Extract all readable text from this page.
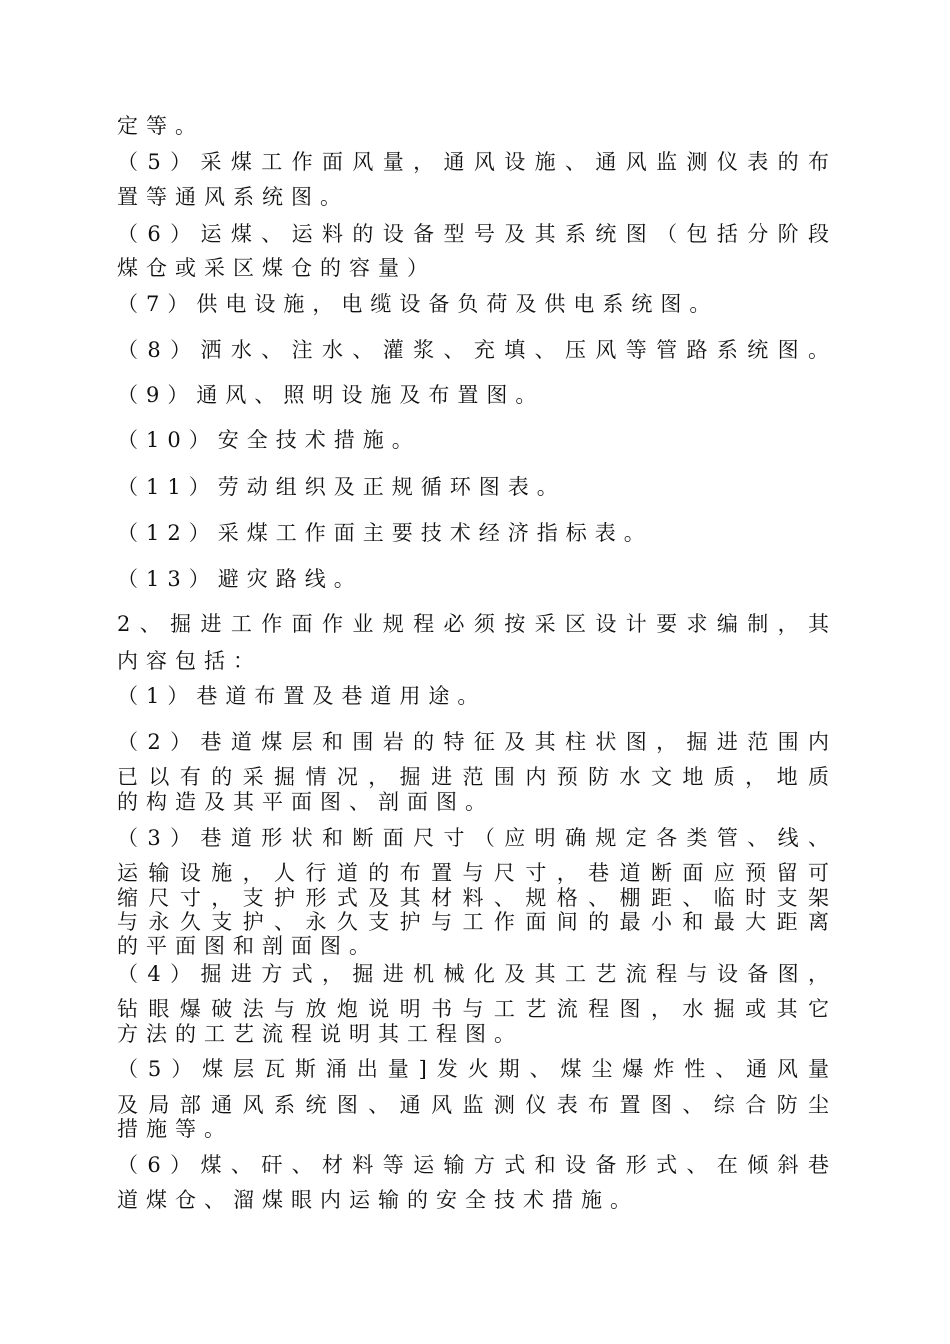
定等。
（5）采煤工作面风量，通风设施、通风监测仪表的布
置等通风系统图。
（6）运煤、运料的设备型号及其系统图（包括分阶段
煤仓或采区煤仓的容量）
（7）供电设施，电缆设备负荷及供电系统图。
（8）洒水、注水、灌浆、充填、压风等管路系统图。
（9）通风、照明设施及布置图。
（10）安全技术措施。
（11）劳动组织及正规循环图表。
（12）采煤工作面主要技术经济指标表。
（13）避灾路线。
2、掘进工作面作业规程必须按采区设计要求编制，其
内容包括：
（1）巷道布置及巷道用途。
（2）巷道煤层和围岩的特征及其柱状图，掘进范围内
已以有的采掘情况，掘进范围内预防水文地质，地质
的构造及其平面图、剖面图。
（3）巷道形状和断面尺寸（应明确规定各类管、线、
运输设施，人行道的布置与尺寸，巷道断面应预留可
缩尺寸，支护形式及其材料、规格、棚距、临时支架
与永久支护、永久支护与工作面间的最小和最大距离
的平面图和剖面图。
（4）掘进方式，掘进机械化及其工艺流程与设备图，
钻眼爆破法与放炮说明书与工艺流程图，水掘或其它
方法的工艺流程说明其工程图。
（5）煤层瓦斯涌出量]发火期、煤尘爆炸性、通风量
及局部通风系统图、通风监测仪表布置图、综合防尘
措施等。
（6）煤、矸、材料等运输方式和设备形式、在倾斜巷
道煤仓、溜煤眼内运输的安全技术措施。
